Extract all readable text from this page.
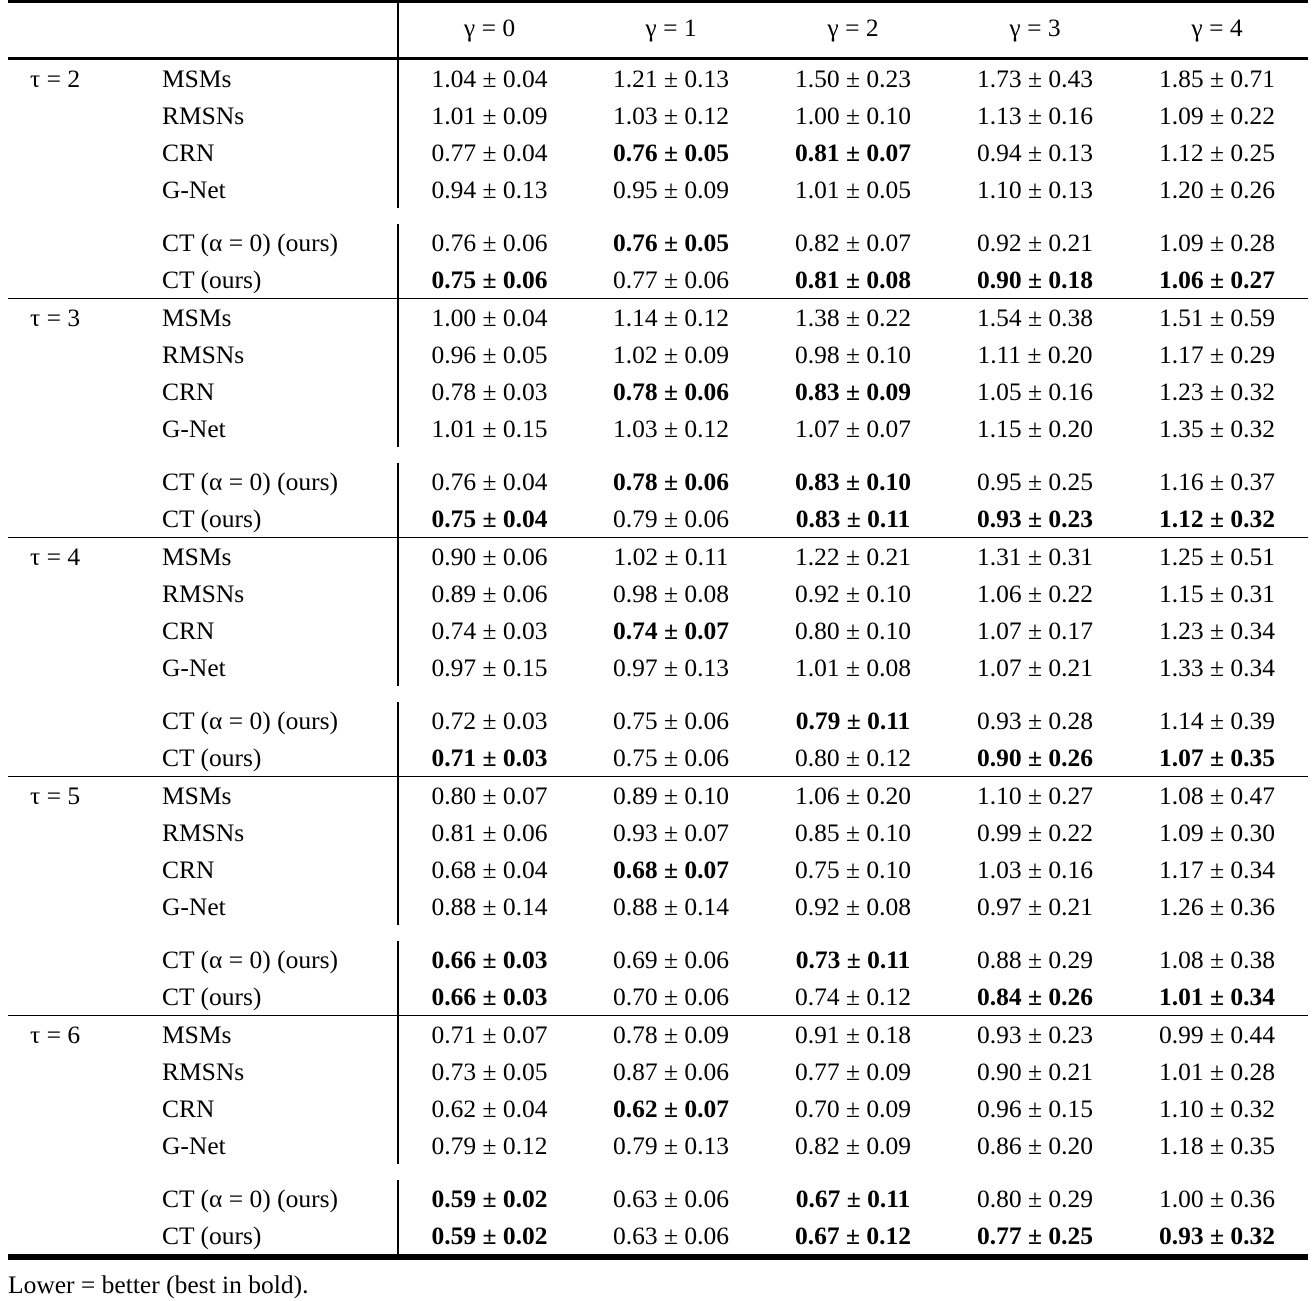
		γ = 0	γ = 1	γ = 2	γ = 3	γ = 4

τ = 2	MSMs	1.04 ± 0.04	1.21 ± 0.13	1.50 ± 0.23	1.73 ± 0.43	1.85 ± 0.71
	RMSNs	1.01 ± 0.09	1.03 ± 0.12	1.00 ± 0.10	1.13 ± 0.16	1.09 ± 0.22
	CRN	0.77 ± 0.04	0.76 ± 0.05	0.81 ± 0.07	0.94 ± 0.13	1.12 ± 0.25
	G-Net	0.94 ± 0.13	0.95 ± 0.09	1.01 ± 0.05	1.10 ± 0.13	1.20 ± 0.26

	CT (α = 0) (ours)	0.76 ± 0.06	0.76 ± 0.05	0.82 ± 0.07	0.92 ± 0.21	1.09 ± 0.28
	CT (ours)	0.75 ± 0.06	0.77 ± 0.06	0.81 ± 0.08	0.90 ± 0.18	1.06 ± 0.27

τ = 3	MSMs	1.00 ± 0.04	1.14 ± 0.12	1.38 ± 0.22	1.54 ± 0.38	1.51 ± 0.59
	RMSNs	0.96 ± 0.05	1.02 ± 0.09	0.98 ± 0.10	1.11 ± 0.20	1.17 ± 0.29
	CRN	0.78 ± 0.03	0.78 ± 0.06	0.83 ± 0.09	1.05 ± 0.16	1.23 ± 0.32
	G-Net	1.01 ± 0.15	1.03 ± 0.12	1.07 ± 0.07	1.15 ± 0.20	1.35 ± 0.32

	CT (α = 0) (ours)	0.76 ± 0.04	0.78 ± 0.06	0.83 ± 0.10	0.95 ± 0.25	1.16 ± 0.37
	CT (ours)	0.75 ± 0.04	0.79 ± 0.06	0.83 ± 0.11	0.93 ± 0.23	1.12 ± 0.32

τ = 4	MSMs	0.90 ± 0.06	1.02 ± 0.11	1.22 ± 0.21	1.31 ± 0.31	1.25 ± 0.51
	RMSNs	0.89 ± 0.06	0.98 ± 0.08	0.92 ± 0.10	1.06 ± 0.22	1.15 ± 0.31
	CRN	0.74 ± 0.03	0.74 ± 0.07	0.80 ± 0.10	1.07 ± 0.17	1.23 ± 0.34
	G-Net	0.97 ± 0.15	0.97 ± 0.13	1.01 ± 0.08	1.07 ± 0.21	1.33 ± 0.34

	CT (α = 0) (ours)	0.72 ± 0.03	0.75 ± 0.06	0.79 ± 0.11	0.93 ± 0.28	1.14 ± 0.39
	CT (ours)	0.71 ± 0.03	0.75 ± 0.06	0.80 ± 0.12	0.90 ± 0.26	1.07 ± 0.35

τ = 5	MSMs	0.80 ± 0.07	0.89 ± 0.10	1.06 ± 0.20	1.10 ± 0.27	1.08 ± 0.47
	RMSNs	0.81 ± 0.06	0.93 ± 0.07	0.85 ± 0.10	0.99 ± 0.22	1.09 ± 0.30
	CRN	0.68 ± 0.04	0.68 ± 0.07	0.75 ± 0.10	1.03 ± 0.16	1.17 ± 0.34
	G-Net	0.88 ± 0.14	0.88 ± 0.14	0.92 ± 0.08	0.97 ± 0.21	1.26 ± 0.36

	CT (α = 0) (ours)	0.66 ± 0.03	0.69 ± 0.06	0.73 ± 0.11	0.88 ± 0.29	1.08 ± 0.38
	CT (ours)	0.66 ± 0.03	0.70 ± 0.06	0.74 ± 0.12	0.84 ± 0.26	1.01 ± 0.34

τ = 6	MSMs	0.71 ± 0.07	0.78 ± 0.09	0.91 ± 0.18	0.93 ± 0.23	0.99 ± 0.44
	RMSNs	0.73 ± 0.05	0.87 ± 0.06	0.77 ± 0.09	0.90 ± 0.21	1.01 ± 0.28
	CRN	0.62 ± 0.04	0.62 ± 0.07	0.70 ± 0.09	0.96 ± 0.15	1.10 ± 0.32
	G-Net	0.79 ± 0.12	0.79 ± 0.13	0.82 ± 0.09	0.86 ± 0.20	1.18 ± 0.35

	CT (α = 0) (ours)	0.59 ± 0.02	0.63 ± 0.06	0.67 ± 0.11	0.80 ± 0.29	1.00 ± 0.36
	CT (ours)	0.59 ± 0.02	0.63 ± 0.06	0.67 ± 0.12	0.77 ± 0.25	0.93 ± 0.32

Lower = better (best in bold).						
